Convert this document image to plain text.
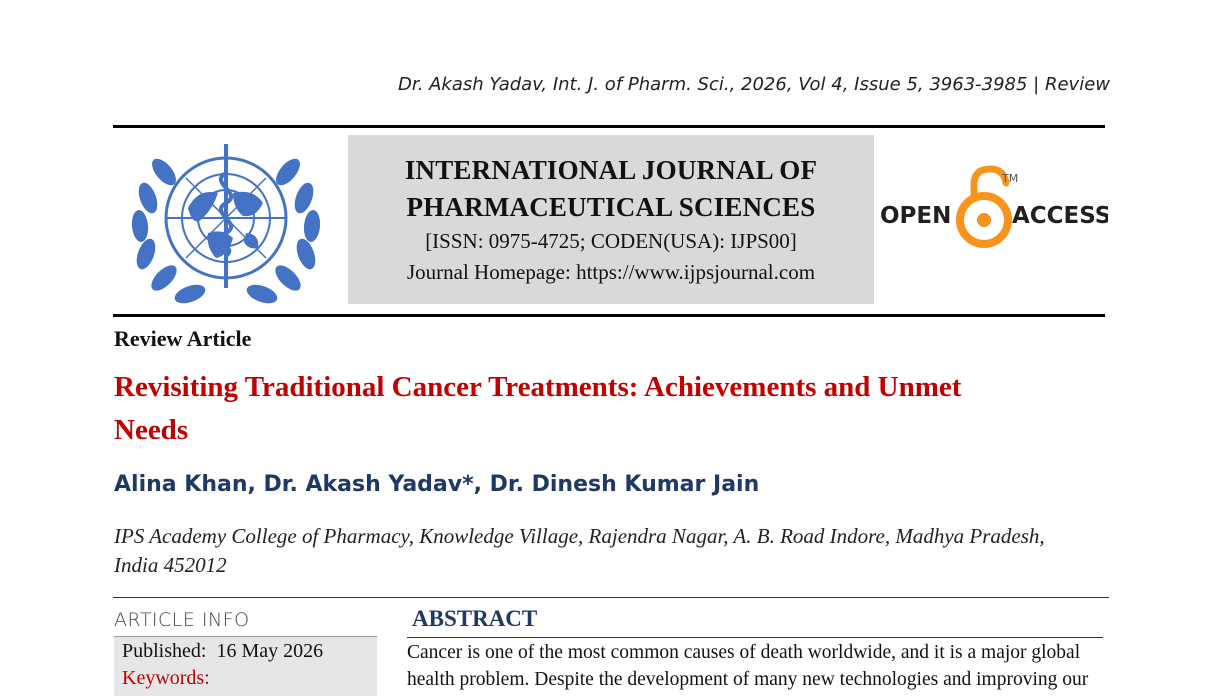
Dr. Akash Yadav, Int. J. of Pharm. Sci., 2026, Vol 4, Issue 5, 3963-3985 | Review
INTERNATIONAL JOURNAL OF
PHARMACEUTICAL SCIENCES
[ISSN: 0975-4725; CODEN(USA): IJPS00]
Journal Homepage: https://www.ijpsjournal.com
OPEN	ACCESS
TM
Review Article
Revisiting Traditional Cancer Treatments: Achievements and Unmet
Needs
Alina Khan, Dr. Akash Yadav*, Dr. Dinesh Kumar Jain
IPS Academy College of Pharmacy, Knowledge Village, Rajendra Nagar, A. B. Road Indore, Madhya Pradesh,
India 452012
ARTICLE INFO
Published: 16 May 2026
Keywords:
ABSTRACT
Cancer is one of the most common causes of death worldwide, and it is a major global
health problem. Despite the development of many new technologies and improving our
